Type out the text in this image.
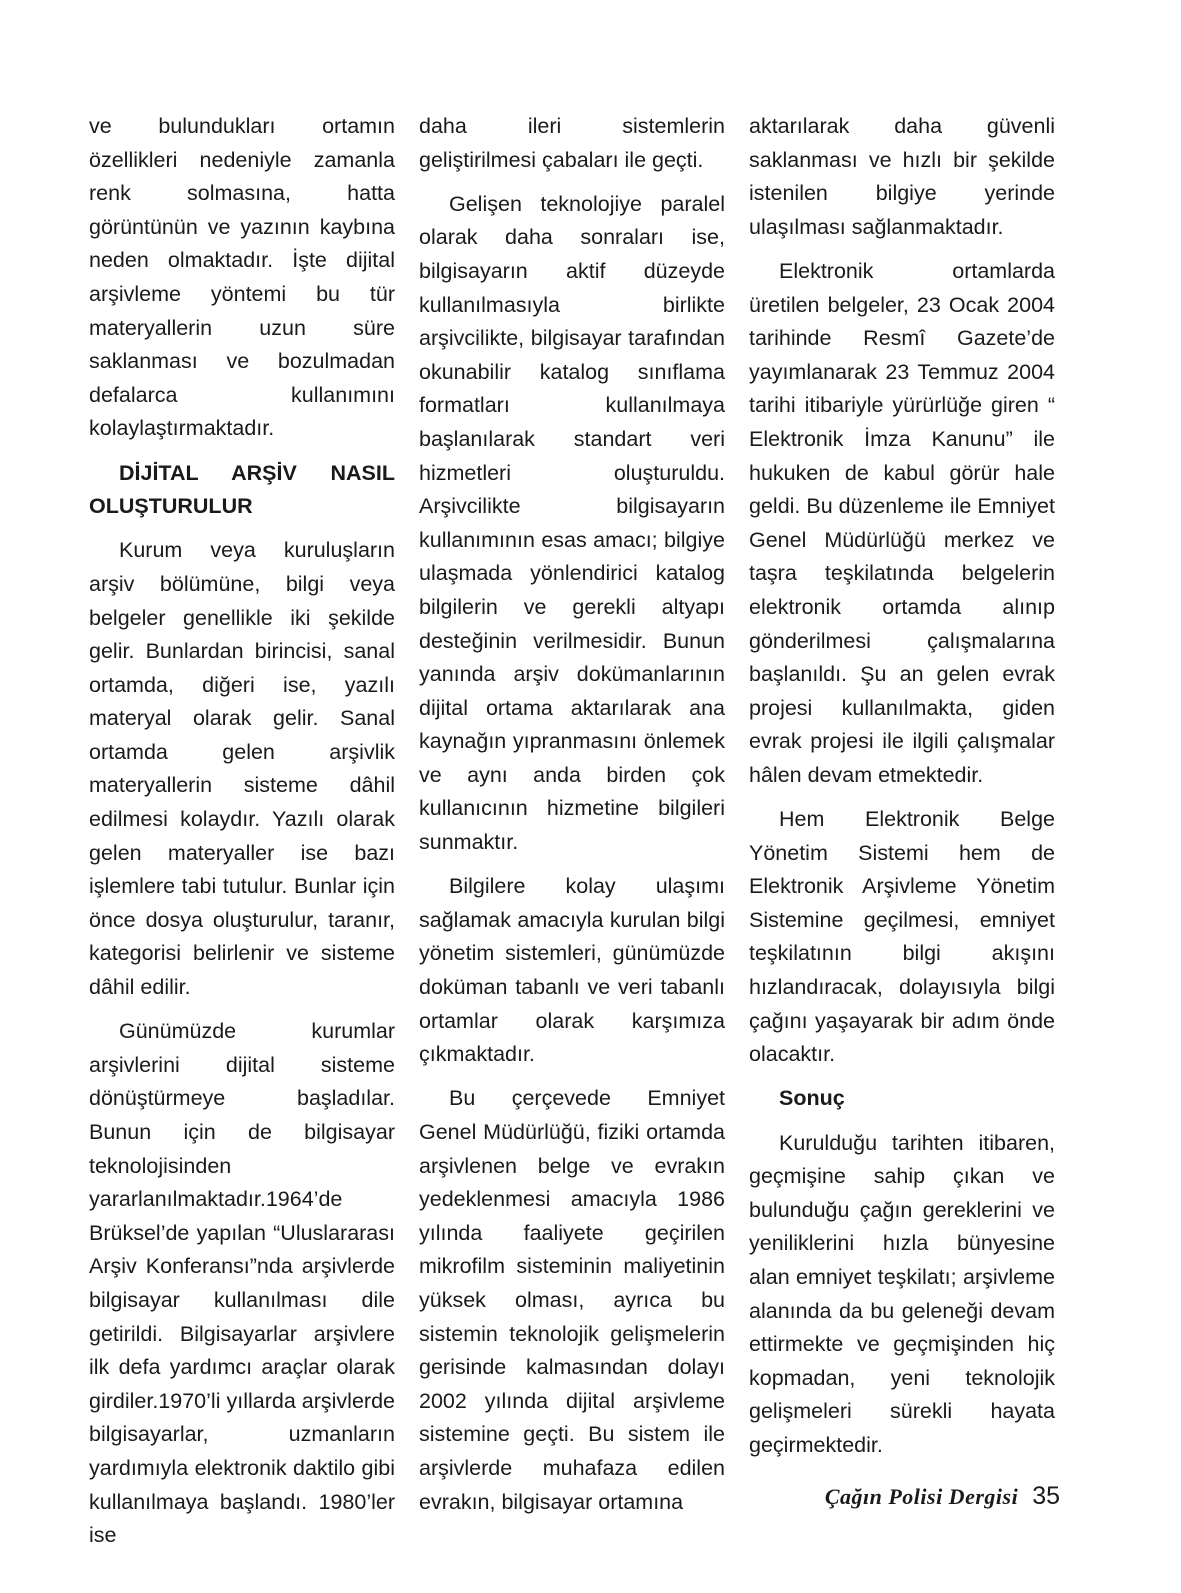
ve bulundukları ortamın özellikleri nedeniyle zamanla renk solmasına, hatta görüntünün ve yazının kaybına neden olmaktadır. İşte dijital arşivleme yöntemi bu tür materyallerin uzun süre saklanması ve bozulmadan defalarca kullanımını kolaylaştırmaktadır.

DİJİTAL ARŞİV NASIL OLUŞTURULUR

Kurum veya kuruluşların arşiv bölümüne, bilgi veya belgeler genellikle iki şekilde gelir. Bunlardan birincisi, sanal ortamda, diğeri ise, yazılı materyal olarak gelir. Sanal ortamda gelen arşivlik materyallerin sisteme dâhil edilmesi kolaydır. Yazılı olarak gelen materyaller ise bazı işlemlere tabi tutulur. Bunlar için önce dosya oluşturulur, taranır, kategorisi belirlenir ve sisteme dâhil edilir.

Günümüzde kurumlar arşivlerini dijital sisteme dönüştürmeye başladılar. Bunun için de bilgisayar teknolojisinden yararlanılmaktadır.1964’de Brüksel’de yapılan “Uluslararası Arşiv Konferansı”nda arşivlerde bilgisayar kullanılması dile getirildi. Bilgisayarlar arşivlere ilk defa yardımcı araçlar olarak girdiler.1970’li yıllarda arşivlerde bilgisayarlar, uzmanların yardımıyla elektronik daktilo gibi kullanılmaya başlandı. 1980’ler ise

daha ileri sistemlerin geliştirilmesi çabaları ile geçti.

Gelişen teknolojiye paralel olarak daha sonraları ise, bilgisayarın aktif düzeyde kullanılmasıyla birlikte arşivcilikte, bilgisayar tarafından okunabilir katalog sınıflama formatları kullanılmaya başlanılarak standart veri hizmetleri oluşturuldu. Arşivcilikte bilgisayarın kullanımının esas amacı; bilgiye ulaşmada yönlendirici katalog bilgilerin ve gerekli altyapı desteğinin verilmesidir. Bunun yanında arşiv dokümanlarının dijital ortama aktarılarak ana kaynağın yıpranmasını önlemek ve aynı anda birden çok kullanıcının hizmetine bilgileri sunmaktır.

Bilgilere kolay ulaşımı sağlamak amacıyla kurulan bilgi yönetim sistemleri, günümüzde doküman tabanlı ve veri tabanlı ortamlar olarak karşımıza çıkmaktadır.

Bu çerçevede Emniyet Genel Müdürlüğü, fiziki ortamda arşivlenen belge ve evrakın yedeklenmesi amacıyla 1986 yılında faaliyete geçirilen mikrofilm sisteminin maliyetinin yüksek olması, ayrıca bu sistemin teknolojik gelişmelerin gerisinde kalmasından dolayı 2002 yılında dijital arşivleme sistemine geçti. Bu sistem ile arşivlerde muhafaza edilen evrakın, bilgisayar ortamına

aktarılarak daha güvenli saklanması ve hızlı bir şekilde istenilen bilgiye yerinde ulaşılması sağlanmaktadır.

Elektronik ortamlarda üretilen belgeler, 23 Ocak 2004 tarihinde Resmî Gazete’de yayımlanarak 23 Temmuz 2004 tarihi itibariyle yürürlüğe giren “ Elektronik İmza Kanunu” ile hukuken de kabul görür hale geldi. Bu düzenleme ile Emniyet Genel Müdürlüğü merkez ve taşra teşkilatında belgelerin elektronik ortamda alınıp gönderilmesi çalışmalarına başlanıldı. Şu an gelen evrak projesi kullanılmakta, giden evrak projesi ile ilgili çalışmalar hâlen devam etmektedir.

Hem Elektronik Belge Yönetim Sistemi hem de Elektronik Arşivleme Yönetim Sistemine geçilmesi, emniyet teşkilatının bilgi akışını hızlandıracak, dolayısıyla bilgi çağını yaşayarak bir adım önde olacaktır.

Sonuç

Kurulduğu tarihten itibaren, geçmişine sahip çıkan ve bulunduğu çağın gereklerini ve yeniliklerini hızla bünyesine alan emniyet teşkilatı; arşivleme alanında da bu geleneği devam ettirmekte ve geçmişinden hiç kopmadan, yeni teknolojik gelişmeleri sürekli hayata geçirmektedir.

Çağın Polisi Dergisi 35
